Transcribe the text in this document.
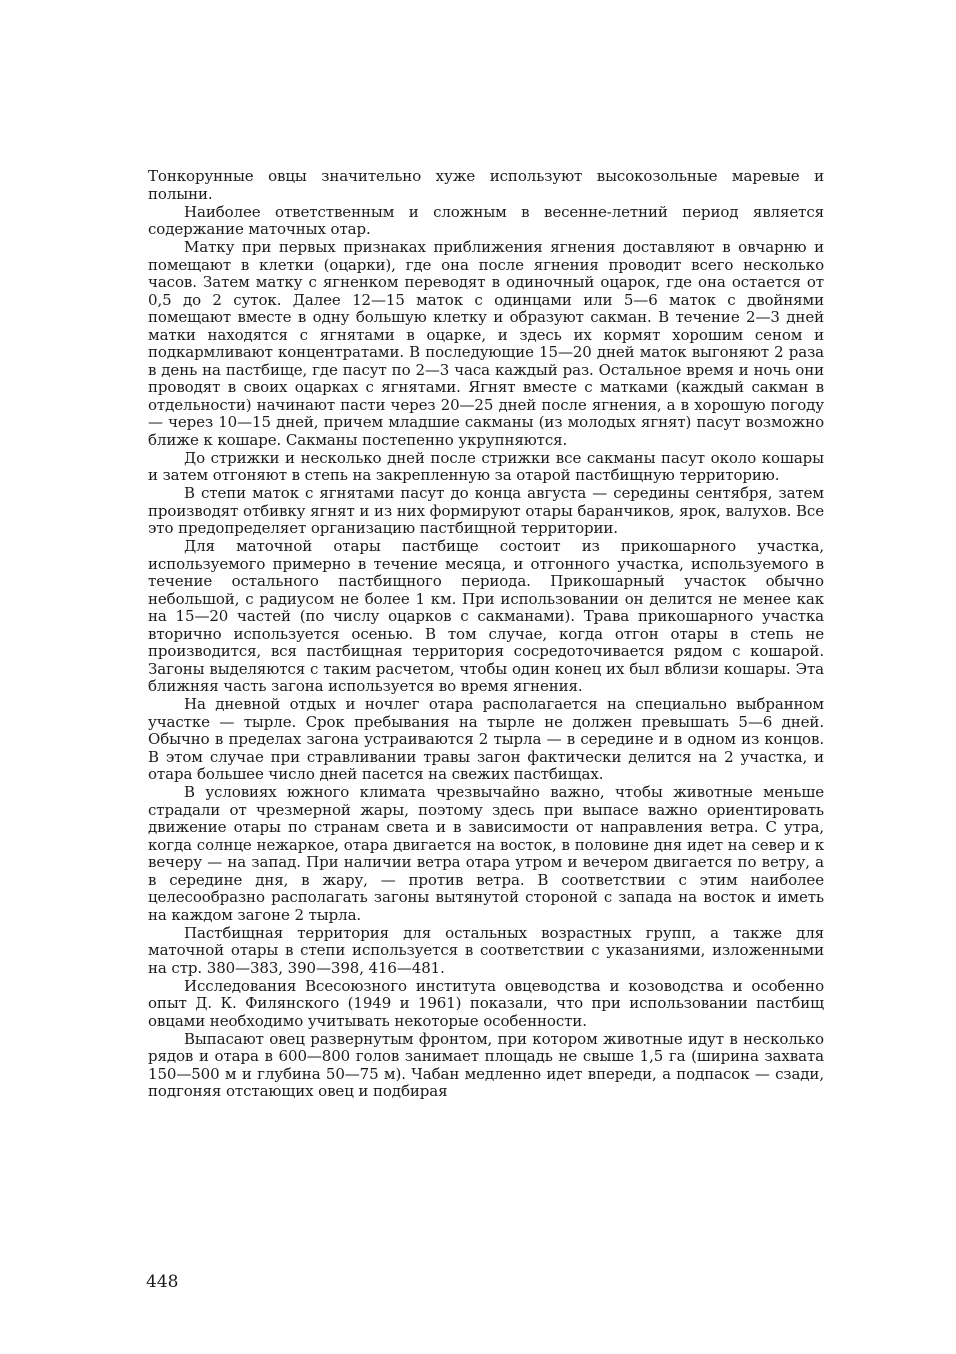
Тонкорунные овцы значительно хуже используют высокозольные маревые и полыни.

Наиболее ответственным и сложным в весенне-летний период является содержание маточных отар.

Матку при первых признаках приближения ягнения доставляют в овчарню и помещают в клетки (оцарки), где она после ягнения проводит всего несколько часов. Затем матку с ягненком переводят в одиночный оцарок, где она остается от 0,5 до 2 суток. Далее 12—15 маток с одинцами или 5—6 маток с двойнями помещают вместе в одну большую клетку и образуют сакман. В течение 2—3 дней матки находятся с ягнятами в оцарке, и здесь их кормят хорошим сеном и подкармливают концентратами. В последующие 15—20 дней маток выгоняют 2 раза в день на пастбище, где пасут по 2—3 часа каждый раз. Остальное время и ночь они проводят в своих оцарках с ягнятами. Ягнят вместе с матками (каждый сакман в отдельности) начинают пасти через 20—25 дней после ягнения, а в хорошую погоду — через 10—15 дней, причем младшие сакманы (из молодых ягнят) пасут возможно ближе к кошаре. Сакманы постепенно укрупняются.

До стрижки и несколько дней после стрижки все сакманы пасут около кошары и затем отгоняют в степь на закрепленную за отарой пастбищную территорию.

В степи маток с ягнятами пасут до конца августа — середины сентября, затем производят отбивку ягнят и из них формируют отары баранчиков, ярок, валухов. Все это предопределяет организацию пастбищной территории.

Для маточной отары пастбище состоит из прикошарного участка, используемого примерно в течение месяца, и отгонного участка, используемого в течение остального пастбищного периода. Прикошарный участок обычно небольшой, с радиусом не более 1 км. При использовании он делится не менее как на 15—20 частей (по числу оцарков с сакманами). Трава прикошарного участка вторично используется осенью. В том случае, когда отгон отары в степь не производится, вся пастбищная территория сосредоточивается рядом с кошарой. Загоны выделяются с таким расчетом, чтобы один конец их был вблизи кошары. Эта ближняя часть загона используется во время ягнения.

На дневной отдых и ночлег отара располагается на специально выбранном участке — тырле. Срок пребывания на тырле не должен превышать 5—6 дней. Обычно в пределах загона устраиваются 2 тырла — в середине и в одном из концов. В этом случае при стравливании травы загон фактически делится на 2 участка, и отара большее число дней пасется на свежих пастбищах.

В условиях южного климата чрезвычайно важно, чтобы животные меньше страдали от чрезмерной жары, поэтому здесь при выпасе важно ориентировать движение отары по странам света и в зависимости от направления ветра. С утра, когда солнце нежаркое, отара двигается на восток, в половине дня идет на север и к вечеру — на запад. При наличии ветра отара утром и вечером двигается по ветру, а в середине дня, в жару, — против ветра. В соответствии с этим наиболее целесообразно располагать загоны вытянутой стороной с запада на восток и иметь на каждом загоне 2 тырла.

Пастбищная территория для остальных возрастных групп, а также для маточной отары в степи используется в соответствии с указаниями, изложенными на стр. 380—383, 390—398, 416—481.

Исследования Всесоюзного института овцеводства и козоводства и особенно опыт Д. К. Филянского (1949 и 1961) показали, что при использовании пастбищ овцами необходимо учитывать некоторые особенности.

Выпасают овец развернутым фронтом, при котором животные идут в несколько рядов и отара в 600—800 голов занимает площадь не свыше 1,5 га (ширина захвата 150—500 м и глубина 50—75 м). Чабан медленно идет впереди, а подпасок — сзади, подгоняя отстающих овец и подбирая

448
